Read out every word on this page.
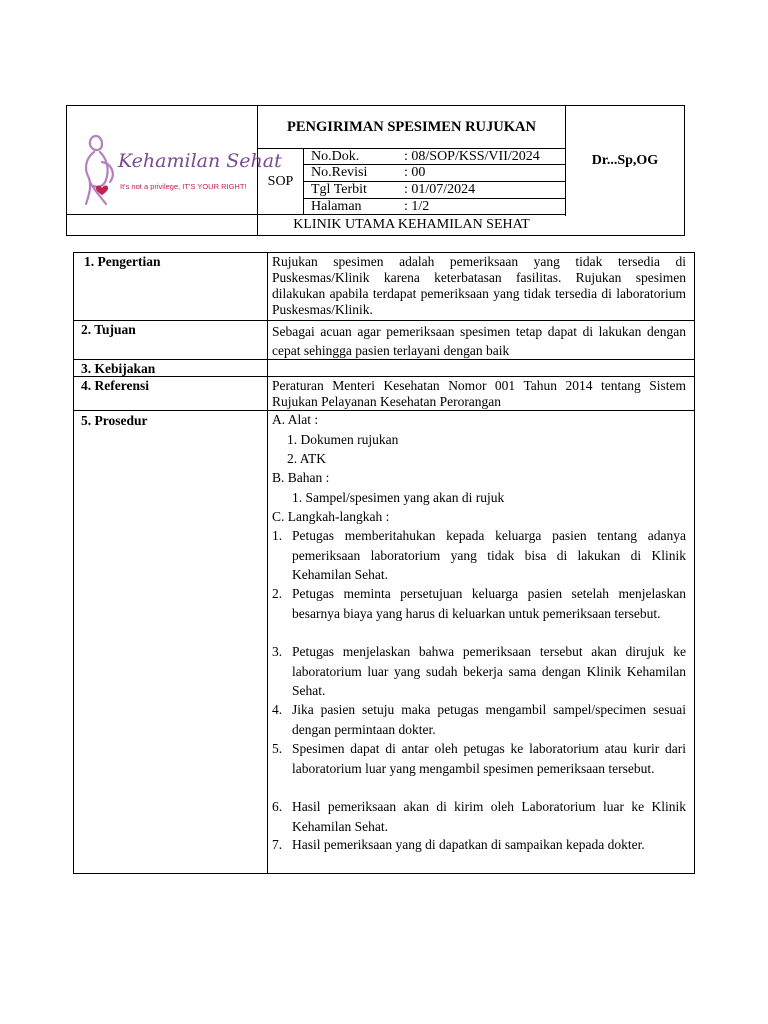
Kehamilan Sehat
It's not a privilege, IT'S YOUR RIGHT!
PENGIRIMAN SPESIMEN RUJUKAN
SOP
No.Dok.	: 08/SOP/KSS/VII/2024
No.Revisi	: 00
Tgl Terbit	: 01/07/2024
Halaman	: 1/2
Dr...Sp,OG
KLINIK UTAMA KEHAMILAN SEHAT
1. Pengertian	Rujukan spesimen adalah pemeriksaan yang tidak tersedia di Puskesmas/Klinik karena keterbatasan fasilitas. Rujukan spesimen dilakukan apabila terdapat pemeriksaan yang tidak tersedia di laboratorium Puskesmas/Klinik.
2. Tujuan	Sebagai acuan agar pemeriksaan spesimen tetap dapat di lakukan dengan cepat sehingga pasien terlayani dengan baik
3. Kebijakan
4. Referensi	Peraturan Menteri Kesehatan Nomor 001 Tahun 2014 tentang Sistem Rujukan Pelayanan Kesehatan Perorangan
5. Prosedur	A. Alat :
1. Dokumen rujukan
2. ATK
B. Bahan :
1. Sampel/spesimen yang akan di rujuk
C. Langkah-langkah :
1. Petugas memberitahukan kepada keluarga pasien tentang adanya pemeriksaan laboratorium yang tidak bisa di lakukan di Klinik Kehamilan Sehat.
2. Petugas meminta persetujuan keluarga pasien setelah menjelaskan besarnya biaya yang harus di keluarkan untuk pemeriksaan tersebut.
3. Petugas menjelaskan bahwa pemeriksaan tersebut akan dirujuk ke laboratorium luar yang sudah bekerja sama dengan Klinik Kehamilan Sehat.
4. Jika pasien setuju maka petugas mengambil sampel/specimen sesuai dengan permintaan dokter.
5. Spesimen dapat di antar oleh petugas ke laboratorium atau kurir dari laboratorium luar yang mengambil spesimen pemeriksaan tersebut.
6. Hasil pemeriksaan akan di kirim oleh Laboratorium luar ke Klinik Kehamilan Sehat.
7. Hasil pemeriksaan yang di dapatkan di sampaikan kepada dokter.
